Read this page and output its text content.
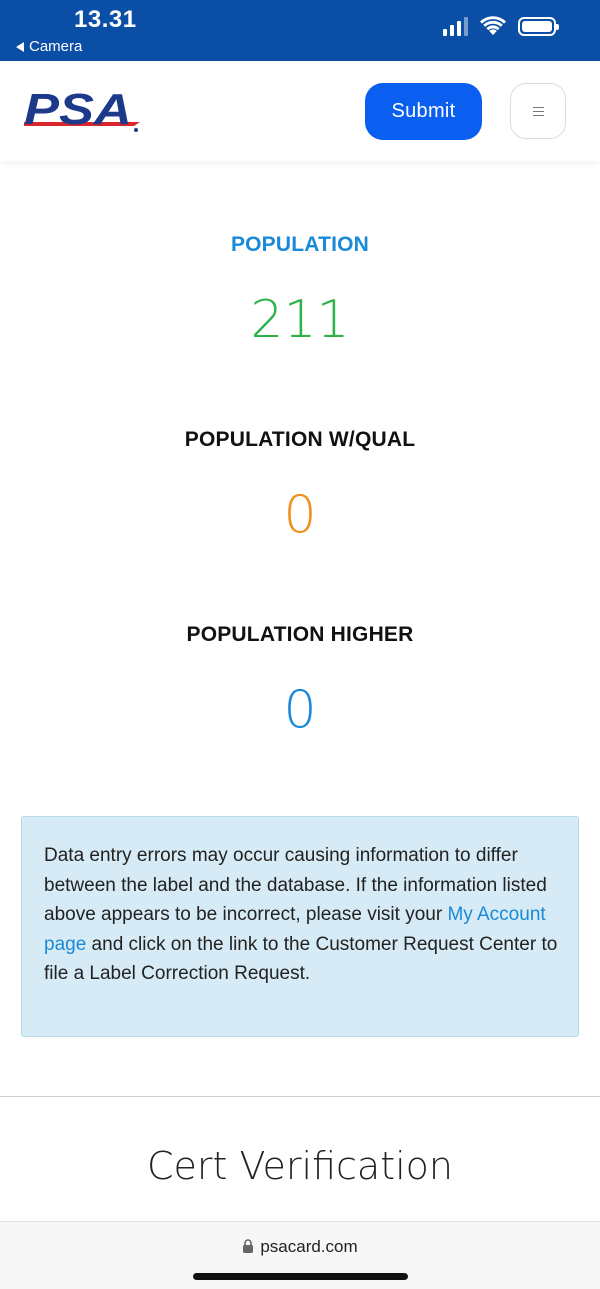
13.31
Camera
PSA	Submit
POPULATION
211
POPULATION W/QUAL
0
POPULATION HIGHER
0
Data entry errors may occur causing information to differ between the label and the database. If the information listed above appears to be incorrect, please visit your My Account page and click on the link to the Customer Request Center to file a Label Correction Request.
Cert Verification
psacard.com
